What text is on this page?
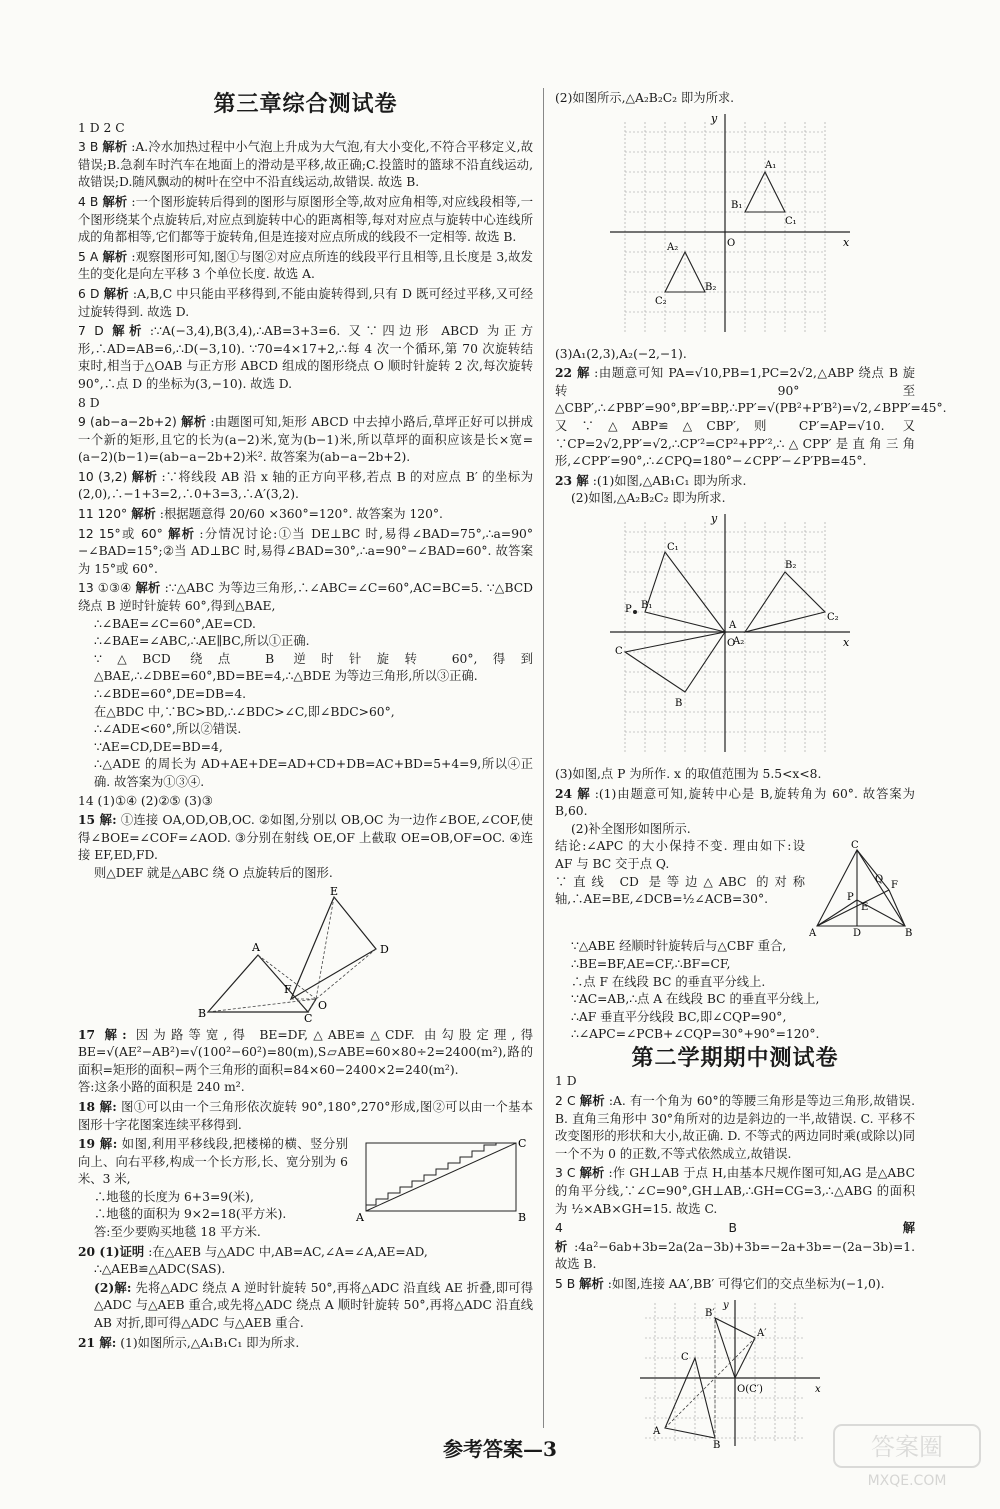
第三章综合测试卷
1 D 2 C
3 B 解析 :A.冷水加热过程中小气泡上升成为大气泡,有大小变化,不符合平移定义,故错误;B.急刹车时汽车在地面上的滑动是平移,故正确;C.投篮时的篮球不沿直线运动,故错误;D.随风飘动的树叶在空中不沿直线运动,故错误. 故选 B.
4 B 解析 :一个图形旋转后得到的图形与原图形全等,故对应角相等,对应线段相等,一个图形绕某个点旋转后,对应点到旋转中心的距离相等,每对对应点与旋转中心连线所成的角都相等,它们都等于旋转角,但是连接对应点所成的线段不一定相等. 故选 B.
5 A 解析 :观察图形可知,图①与图②对应点所连的线段平行且相等,且长度是 3,故发生的变化是向左平移 3 个单位长度. 故选 A.
6 D 解析 :A,B,C 中只能由平移得到,不能由旋转得到,只有 D 既可经过平移,又可经过旋转得到. 故选 D.
7 D 解析 :∵A(−3,4),B(3,4),∴AB=3+3=6. 又∵四边形 ABCD 为正方形,∴AD=AB=6,∴D(−3,10). ∵70=4×17+2,∴每 4 次一个循环,第 70 次旋转结束时,相当于△OAB 与正方形 ABCD 组成的图形绕点 O 顺时针旋转 2 次,每次旋转 90°,∴点 D 的坐标为(3,−10). 故选 D.
8 D
9 (ab−a−2b+2) 解析 :由题图可知,矩形 ABCD 中去掉小路后,草坪正好可以拼成一个新的矩形,且它的长为(a−2)米,宽为(b−1)米,所以草坪的面积应该是长×宽=(a−2)(b−1)=(ab−a−2b+2)米². 故答案为(ab−a−2b+2).
10 (3,2) 解析 :∵将线段 AB 沿 x 轴的正方向平移,若点 B 的对应点 B′ 的坐标为(2,0),∴−1+3=2,∴0+3=3,∴A′(3,2).
11 120° 解析 :根据题意得 20/60 ×360°=120°. 故答案为 120°.
12 15°或 60° 解析 :分情况讨论:①当 DE⊥BC 时,易得∠BAD=75°,∴a=90°−∠BAD=15°;②当 AD⊥BC 时,易得∠BAD=30°,∴a=90°−∠BAD=60°. 故答案为 15°或 60°.
13 ①③④ 解析 :∵△ABC 为等边三角形,∴∠ABC=∠C=60°,AC=BC=5. ∵△BCD 绕点 B 逆时针旋转 60°,得到△BAE,
∴∠BAE=∠C=60°,AE=CD.
∴∠BAE=∠ABC,∴AE∥BC,所以①正确.
∵△BCD 绕点 B 逆时针旋转 60°,得到△BAE,∴∠DBE=60°,BD=BE=4,∴△BDE 为等边三角形,所以③正确.
∴∠BDE=60°,DE=DB=4.
在△BDC 中,∵BC>BD,∴∠BDC>∠C,即∠BDC>60°,
∴∠ADE<60°,所以②错误.
∵AE=CD,DE=BD=4,
∴△ADE 的周长为 AD+AE+DE=AD+CD+DB=AC+BD=5+4=9,所以④正确. 故答案为①③④.
14 (1)①④ (2)②⑤ (3)③
15 解: ①连接 OA,OD,OB,OC. ②如图,分别以 OB,OC 为一边作∠BOE,∠COF,使得∠BOE=∠COF=∠AOD. ③分别在射线 OE,OF 上截取 OE=OB,OF=OC. ④连接 EF,ED,FD.
则△DEF 就是△ABC 绕 O 点旋转后的图形.
B
A
C
D
E
F
O
17 解: 因为路等宽,得 BE=DF,△ABE≌△CDF. 由勾股定理,得 BE=√(AE²−AB²)=√(100²−60²)=80(m),S▱ABE=60×80÷2=2400(m²),路的面积=矩形的面积−两个三角形的面积=84×60−2400×2=240(m²).
答:这条小路的面积是 240 m².
18 解: 图①可以由一个三角形依次旋转 90°,180°,270°形成,图②可以由一个基本图形十字花图案连续平移得到.
19 解: 如图,利用平移线段,把楼梯的横、竖分别向上、向右平移,构成一个长方形,长、宽分别为 6 米、3 米,
∴地毯的长度为 6+3=9(米),
∴地毯的面积为 9×2=18(平方米).
答:至少要购买地毯 18 平方米.
A	B
C
20 (1)证明 :在△AEB 与△ADC 中,AB=AC,∠A=∠A,AE=AD,
∴△AEB≌△ADC(SAS).
(2)解: 先将△ADC 绕点 A 逆时针旋转 50°,再将△ADC 沿直线 AE 折叠,即可得△ADC 与△AEB 重合,或先将△ADC 绕点 A 顺时针旋转 50°,再将△ADC 沿直线 AB 对折,即可得△ADC 与△AEB 重合.
21 解: (1)如图所示,△A₁B₁C₁ 即为所求.
(2)如图所示,△A₂B₂C₂ 即为所求.
x
y
O
A₁
B₁
C₁
A₂
B₂
C₂
(3)A₁(2,3),A₂(−2,−1).
22 解 :由题意可知 PA=√10,PB=1,PC=2√2,△ABP 绕点 B 旋转 90°至△CBP′,∴∠PBP′=90°,BP′=BP,∴PP′=√(PB²+P′B²)=√2,∠BPP′=45°. 又∵△ABP≌△CBP′,则 CP′=AP=√10. 又∵CP=2√2,PP′=√2,∴CP′²=CP²+PP′²,∴△CPP′是直角三角形,∠CPP′=90°,∴∠CPQ=180°−∠CPP′−∠P′PB=45°.
23 解 :(1)如图,△AB₁C₁ 即为所求.
(2)如图,△A₂B₂C₂ 即为所求.
x
y
O
A
B
C
C₁
B₁
P
A₂
B₂
C₂
(3)如图,点 P 为所作. x 的取值范围为 5.5<x<8.
24 解 :(1)由题意可知,旋转中心是 B,旋转角为 60°. 故答案为 B,60.
(2)补全图形如图所示.
结论:∠APC 的大小保持不变. 理由如下:设 AF 与 BC 交于点 Q.
∵直线 CD 是等边△ABC 的对称轴,∴AE=BE,∠DCB=½∠ACB=30°.
C
A	B
D
E
F
P
Q
∵△ABE 经顺时针旋转后与△CBF 重合,
∴BE=BF,AE=CF,∴BF=CF,
∴点 F 在线段 BC 的垂直平分线上.
∵AC=AB,∴点 A 在线段 BC 的垂直平分线上,
∴AF 垂直平分线段 BC,即∠CQP=90°,
∴∠APC=∠PCB+∠CQP=30°+90°=120°.
第二学期期中测试卷
1 D
2 C 解析 :A. 有一个角为 60°的等腰三角形是等边三角形,故错误. B. 直角三角形中 30°角所对的边是斜边的一半,故错误. C. 平移不改变图形的形状和大小,故正确. D. 不等式的两边同时乘(或除以)同一个不为 0 的正数,不等式依然成立,故错误.
3 C 解析 :作 GH⊥AB 于点 H,由基本尺规作图可知,AG 是△ABC 的角平分线,∵∠C=90°,GH⊥AB,∴GH=CG=3,∴△ABG 的面积为 ½×AB×GH=15. 故选 C.
4 B 解析 :4a²−6ab+3b=2a(2a−3b)+3b=−2a+3b=−(2a−3b)=1. 故选 B.
5 B 解析 :如图,连接 AA′,BB′ 可得它们的交点坐标为(−1,0).
x
y
C
A
B
B′
A′
O(C′)
参考答案—3	答案圈
MXQE.COM
